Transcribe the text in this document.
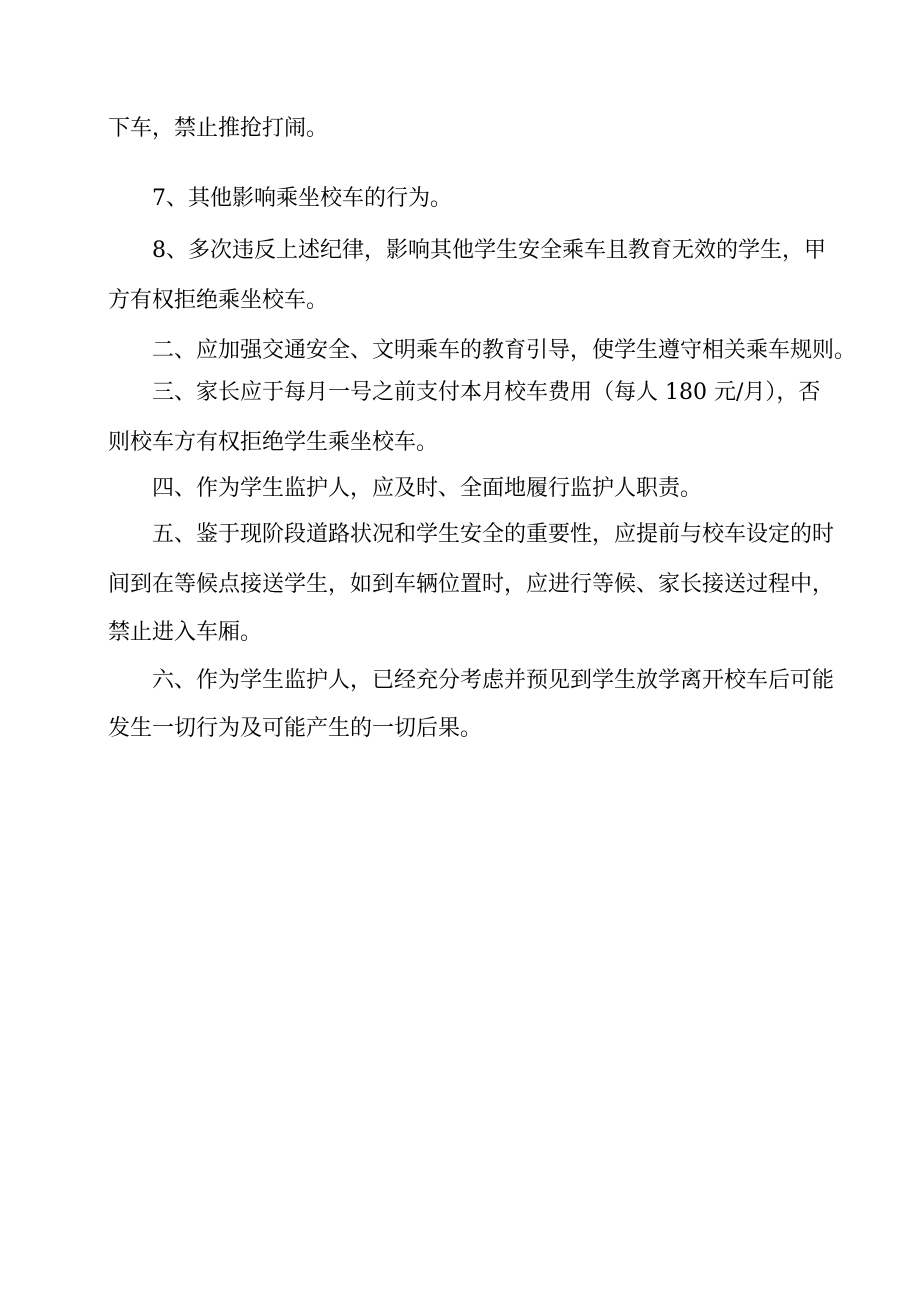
下车，禁止推抢打闹。
7、其他影响乘坐校车的行为。
8、多次违反上述纪律，影响其他学生安全乘车且教育无效的学生，甲
方有权拒绝乘坐校车。
二、应加强交通安全、文明乘车的教育引导，使学生遵守相关乘车规则。
三、家长应于每月一号之前支付本月校车费用（每人 180 元/月），否
则校车方有权拒绝学生乘坐校车。
四、作为学生监护人，应及时、全面地履行监护人职责。
五、鉴于现阶段道路状况和学生安全的重要性，应提前与校车设定的时
间到在等候点接送学生，如到车辆位置时，应进行等候、家长接送过程中，
禁止进入车厢。
六、作为学生监护人，已经充分考虑并预见到学生放学离开校车后可能
发生一切行为及可能产生的一切后果。
